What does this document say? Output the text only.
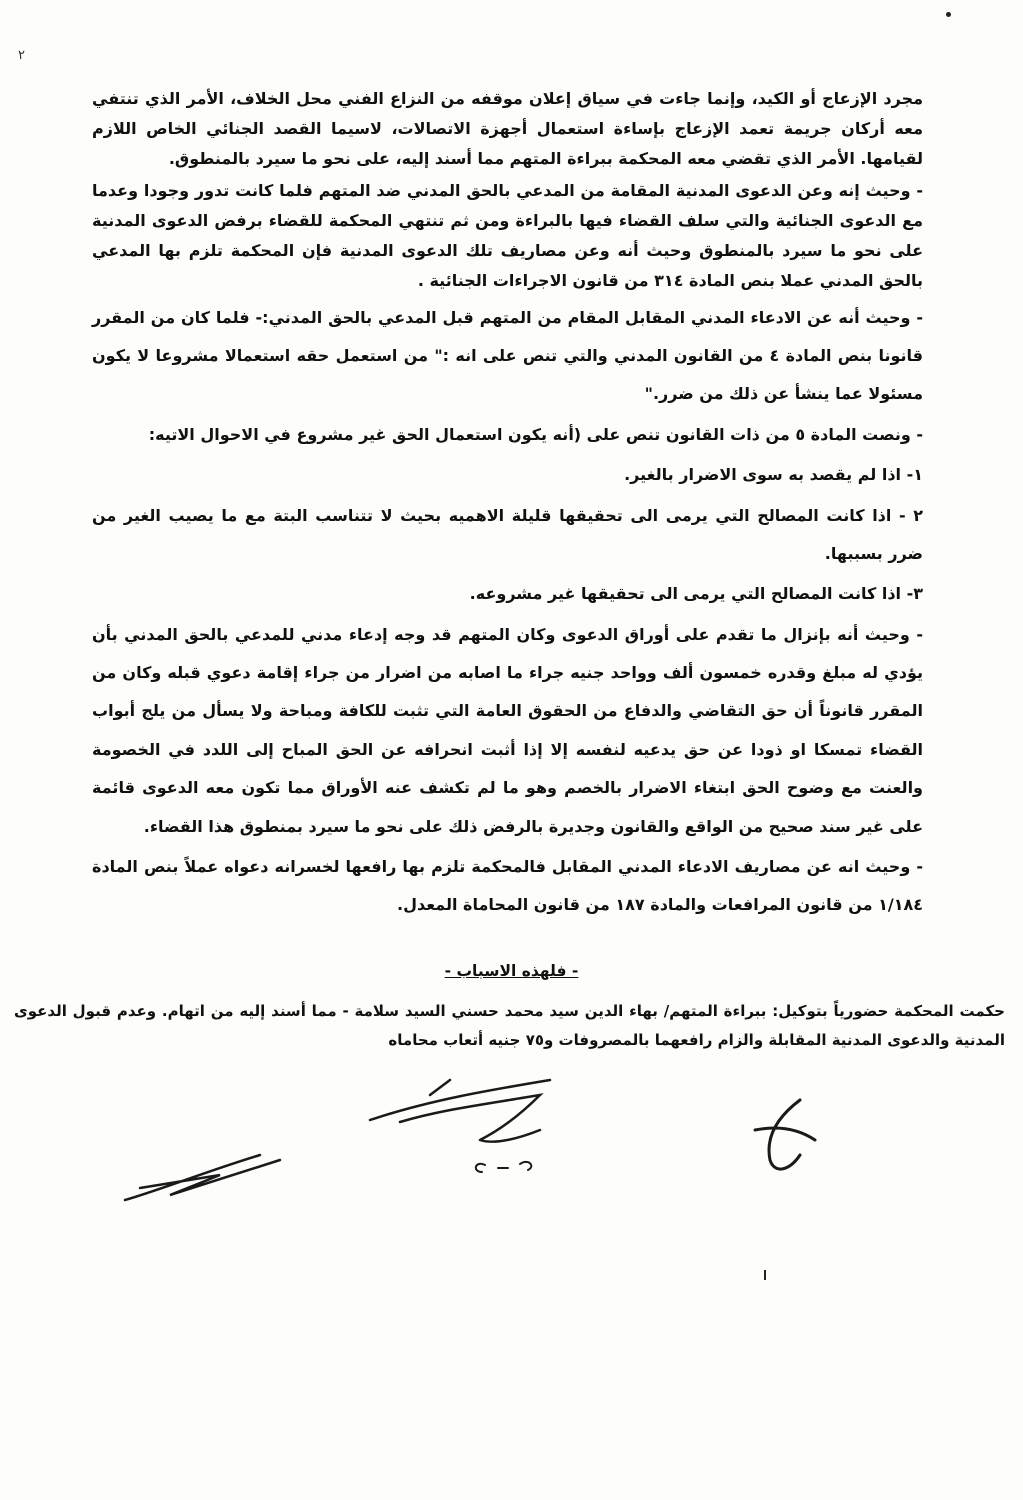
٢

مجرد الإزعاج أو الكيد، وإنما جاءت في سياق إعلان موقفه من النزاع الفني محل الخلاف، الأمر الذي تنتفي معه أركان جريمة تعمد الإزعاج بإساءة استعمال أجهزة الاتصالات، لاسيما القصد الجنائي الخاص اللازم لقيامها. الأمر الذي تقضي معه المحكمة ببراءة المتهم مما أسند إليه، على نحو ما سيرد بالمنطوق.

- وحيث إنه وعن الدعوى المدنية المقامة من المدعي بالحق المدني ضد المتهم فلما كانت تدور وجودا وعدما مع الدعوى الجنائية والتي سلف القضاء فيها بالبراءة ومن ثم تنتهي المحكمة للقضاء برفض الدعوى المدنية على نحو ما سيرد بالمنطوق وحيث أنه وعن مصاريف تلك الدعوى المدنية فإن المحكمة تلزم بها المدعي بالحق المدني عملا بنص المادة ٣١٤ من قانون الاجراءات الجنائية .

- وحيث أنه عن الادعاء المدني المقابل المقام من المتهم قبل المدعي بالحق المدني:- فلما كان من المقرر قانونا بنص المادة ٤ من القانون المدني والتي تنص على انه :" من استعمل حقه استعمالا مشروعا لا يكون مسئولا عما ينشأ عن ذلك من ضرر."

- ونصت المادة ٥ من ذات القانون تنص على (أنه يكون استعمال الحق غير مشروع في الاحوال الاتيه:

١- اذا لم يقصد به سوى الاضرار بالغير.

٢ - اذا كانت المصالح التي يرمى الى تحقيقها قليلة الاهميه بحيث لا تتناسب البتة مع ما يصيب الغير من ضرر بسببها.

٣- اذا كانت المصالح التي يرمى الى تحقيقها غير مشروعه.

- وحيث أنه بإنزال ما تقدم على أوراق الدعوى وكان المتهم قد وجه إدعاء مدني للمدعي بالحق المدني بأن يؤدي له مبلغ وقدره خمسون ألف وواحد جنيه جراء ما اصابه من اضرار من جراء إقامة دعوي قبله وكان من المقرر قانوناً أن حق التقاضي والدفاع من الحقوق العامة التي تثبت للكافة ومباحة ولا يسأل من يلج أبواب القضاء تمسكا او ذودا عن حق يدعيه لنفسه إلا إذا أثبت انحرافه عن الحق المباح إلى اللدد في الخصومة والعنت مع وضوح الحق ابتغاء الاضرار بالخصم وهو ما لم تكشف عنه الأوراق مما تكون معه الدعوى قائمة على غير سند صحيح من الواقع والقانون وجديرة بالرفض ذلك على نحو ما سيرد بمنطوق هذا القضاء.

- وحيث انه عن مصاريف الادعاء المدني المقابل فالمحكمة تلزم بها رافعها لخسرانه دعواه عملاً بنص المادة ١/١٨٤ من قانون المرافعات والمادة ١٨٧ من قانون المحاماة المعدل.

- فلهذه الاسباب -
حكمت المحكمة حضورياً بتوكيل: ببراءة المتهم/ بهاء الدين سيد محمد حسني السيد سلامة - مما أسند إليه من اتهام. وعدم قبول الدعوى المدنية والدعوى المدنية المقابلة والزام رافعهما بالمصروفات و٧٥ جنيه أتعاب محاماه
